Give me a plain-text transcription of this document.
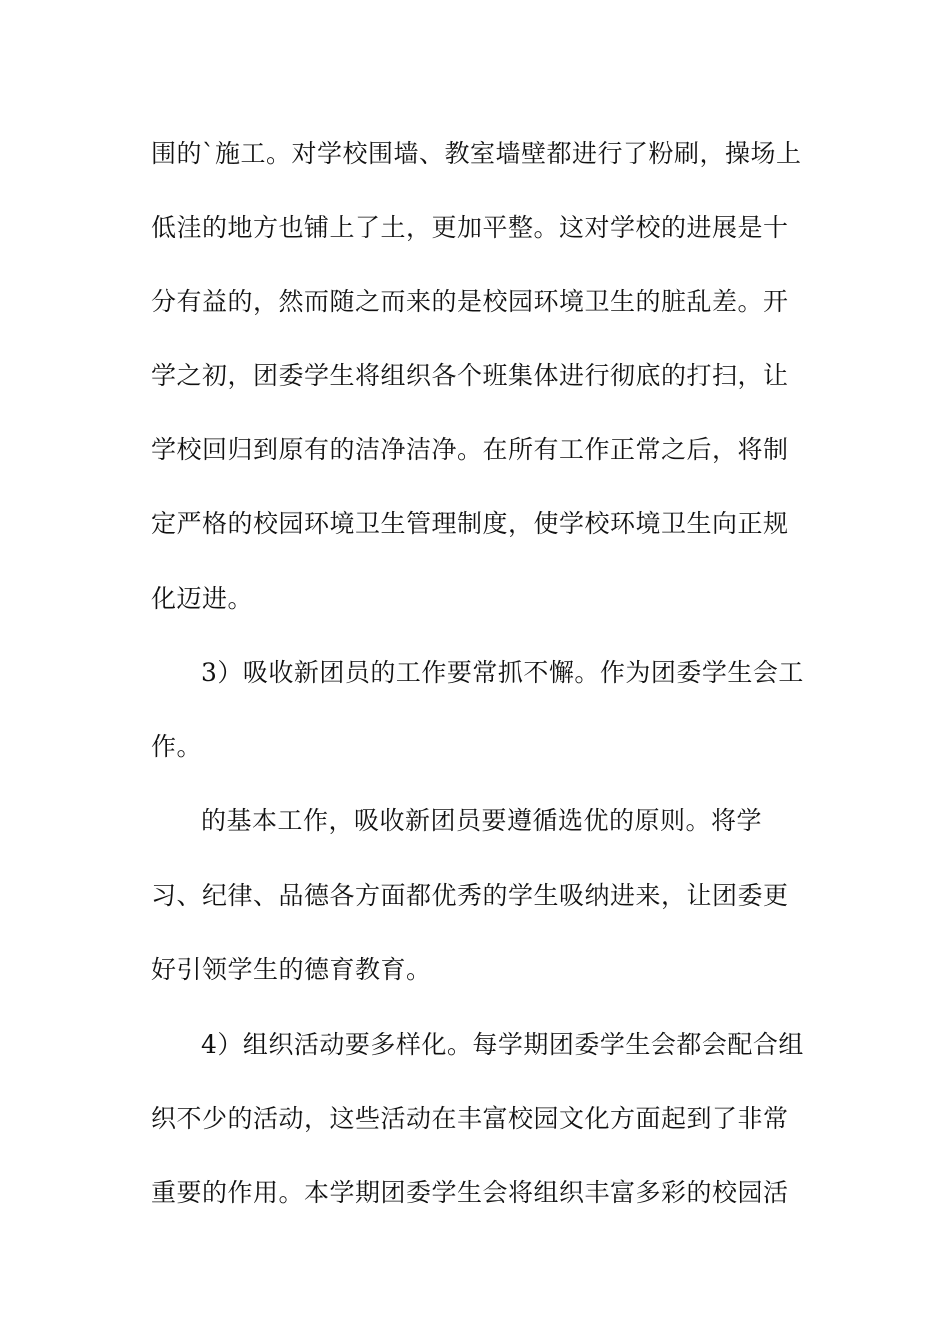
围的`施工。对学校围墙、教室墙壁都进行了粉刷，操场上
低洼的地方也铺上了土，更加平整。这对学校的进展是十
分有益的，然而随之而来的是校园环境卫生的脏乱差。开
学之初，团委学生将组织各个班集体进行彻底的打扫，让
学校回归到原有的洁净洁净。在所有工作正常之后，将制
定严格的校园环境卫生管理制度，使学校环境卫生向正规
化迈进。
3）吸收新团员的工作要常抓不懈。作为团委学生会工
作。
的基本工作，吸收新团员要遵循选优的原则。将学
习、纪律、品德各方面都优秀的学生吸纳进来，让团委更
好引领学生的德育教育。
4）组织活动要多样化。每学期团委学生会都会配合组
织不少的活动，这些活动在丰富校园文化方面起到了非常
重要的作用。本学期团委学生会将组织丰富多彩的校园活
